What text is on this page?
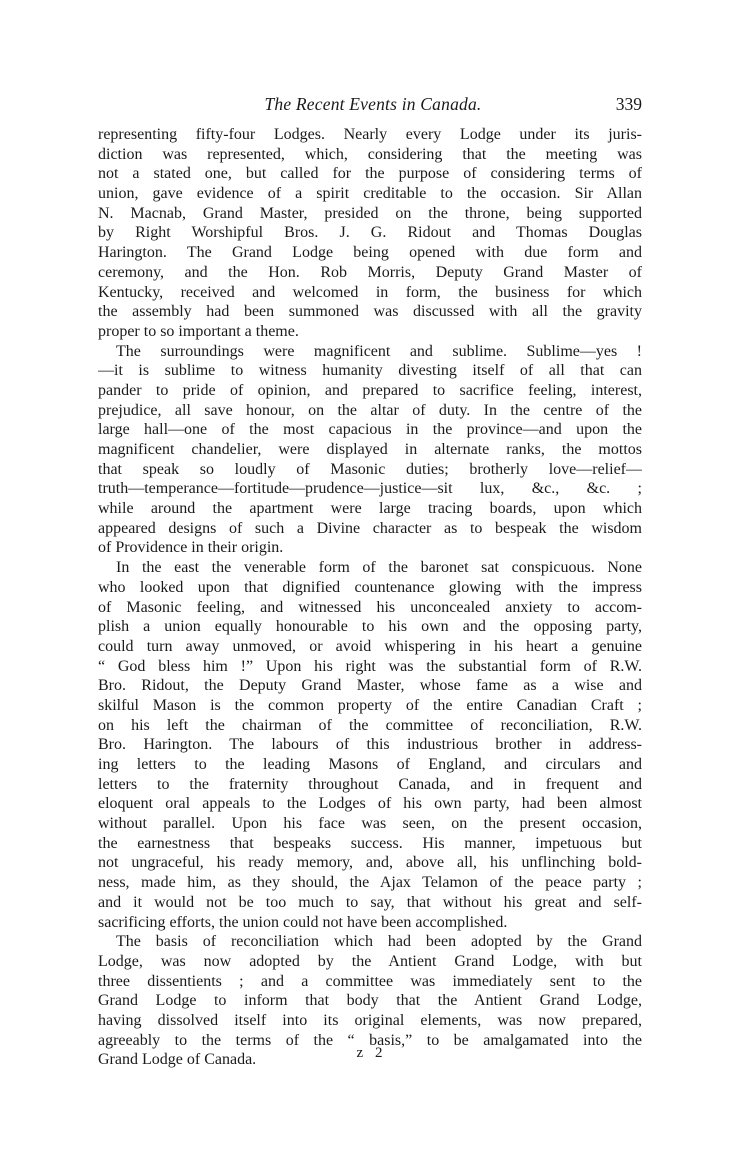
The Recent Events in Canada.	339
representing fifty-four Lodges. Nearly every Lodge under its juris-
diction was represented, which, considering that the meeting was
not a stated one, but called for the purpose of considering terms of
union, gave evidence of a spirit creditable to the occasion. Sir Allan
N. Macnab, Grand Master, presided on the throne, being supported
by Right Worshipful Bros. J. G. Ridout and Thomas Douglas
Harington. The Grand Lodge being opened with due form and
ceremony, and the Hon. Rob Morris, Deputy Grand Master of
Kentucky, received and welcomed in form, the business for which
the assembly had been summoned was discussed with all the gravity
proper to so important a theme.
The surroundings were magnificent and sublime. Sublime—yes !
—it is sublime to witness humanity divesting itself of all that can
pander to pride of opinion, and prepared to sacrifice feeling, interest,
prejudice, all save honour, on the altar of duty. In the centre of the
large hall—one of the most capacious in the province—and upon the
magnificent chandelier, were displayed in alternate ranks, the mottos
that speak so loudly of Masonic duties; brotherly love—relief—
truth—temperance—fortitude—prudence—justice—sit lux, &c., &c. ;
while around the apartment were large tracing boards, upon which
appeared designs of such a Divine character as to bespeak the wisdom
of Providence in their origin.
In the east the venerable form of the baronet sat conspicuous. None
who looked upon that dignified countenance glowing with the impress
of Masonic feeling, and witnessed his unconcealed anxiety to accom-
plish a union equally honourable to his own and the opposing party,
could turn away unmoved, or avoid whispering in his heart a genuine
“ God bless him !” Upon his right was the substantial form of R.W.
Bro. Ridout, the Deputy Grand Master, whose fame as a wise and
skilful Mason is the common property of the entire Canadian Craft ;
on his left the chairman of the committee of reconciliation, R.W.
Bro. Harington. The labours of this industrious brother in address-
ing letters to the leading Masons of England, and circulars and
letters to the fraternity throughout Canada, and in frequent and
eloquent oral appeals to the Lodges of his own party, had been almost
without parallel. Upon his face was seen, on the present occasion,
the earnestness that bespeaks success. His manner, impetuous but
not ungraceful, his ready memory, and, above all, his unflinching bold-
ness, made him, as they should, the Ajax Telamon of the peace party ;
and it would not be too much to say, that without his great and self-
sacrificing efforts, the union could not have been accomplished.
The basis of reconciliation which had been adopted by the Grand
Lodge, was now adopted by the Antient Grand Lodge, with but
three dissentients ; and a committee was immediately sent to the
Grand Lodge to inform that body that the Antient Grand Lodge,
having dissolved itself into its original elements, was now prepared,
agreeably to the terms of the “ basis,” to be amalgamated into the
Grand Lodge of Canada.	z 2
